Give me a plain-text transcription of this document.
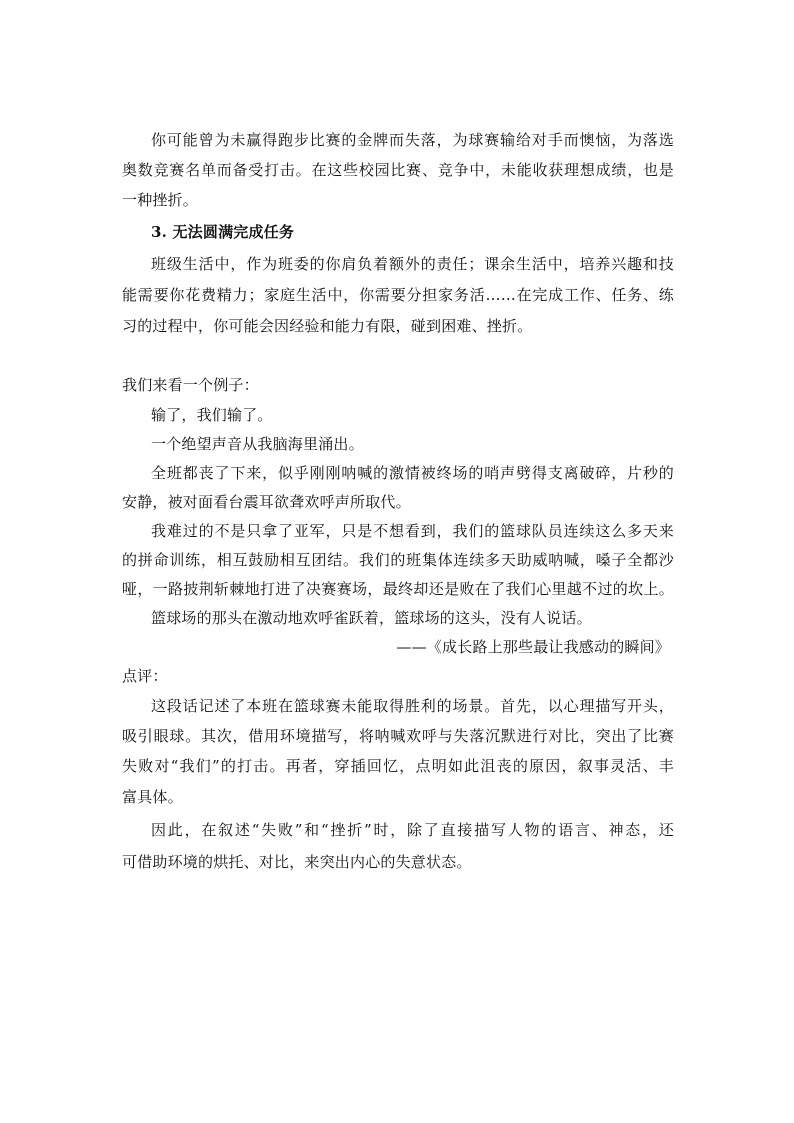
你可能曾为未赢得跑步比赛的金牌而失落，为球赛输给对手而懊恼，为落选
奥数竞赛名单而备受打击。在这些校园比赛、竞争中，未能收获理想成绩，也是
一种挫折。
3. 无法圆满完成任务
班级生活中，作为班委的你肩负着额外的责任；课余生活中，培养兴趣和技
能需要你花费精力；家庭生活中，你需要分担家务活……在完成工作、任务、练
习的过程中，你可能会因经验和能力有限，碰到困难、挫折。
我们来看一个例子：
输了，我们输了。
一个绝望声音从我脑海里涌出。
全班都丧了下来，似乎刚刚呐喊的激情被终场的哨声劈得支离破碎，片秒的
安静，被对面看台震耳欲聋欢呼声所取代。
我难过的不是只拿了亚军，只是不想看到，我们的篮球队员连续这么多天来
的拼命训练，相互鼓励相互团结。我们的班集体连续多天助威呐喊，嗓子全都沙
哑，一路披荆斩棘地打进了决赛赛场，最终却还是败在了我们心里越不过的坎上。
篮球场的那头在激动地欢呼雀跃着，篮球场的这头，没有人说话。
——《成长路上那些最让我感动的瞬间》
点评：
这段话记述了本班在篮球赛未能取得胜利的场景。首先，以心理描写开头，
吸引眼球。其次，借用环境描写，将呐喊欢呼与失落沉默进行对比，突出了比赛
失败对“我们”的打击。再者，穿插回忆，点明如此沮丧的原因，叙事灵活、丰
富具体。
因此，在叙述“失败”和“挫折”时，除了直接描写人物的语言、神态，还
可借助环境的烘托、对比，来突出内心的失意状态。
